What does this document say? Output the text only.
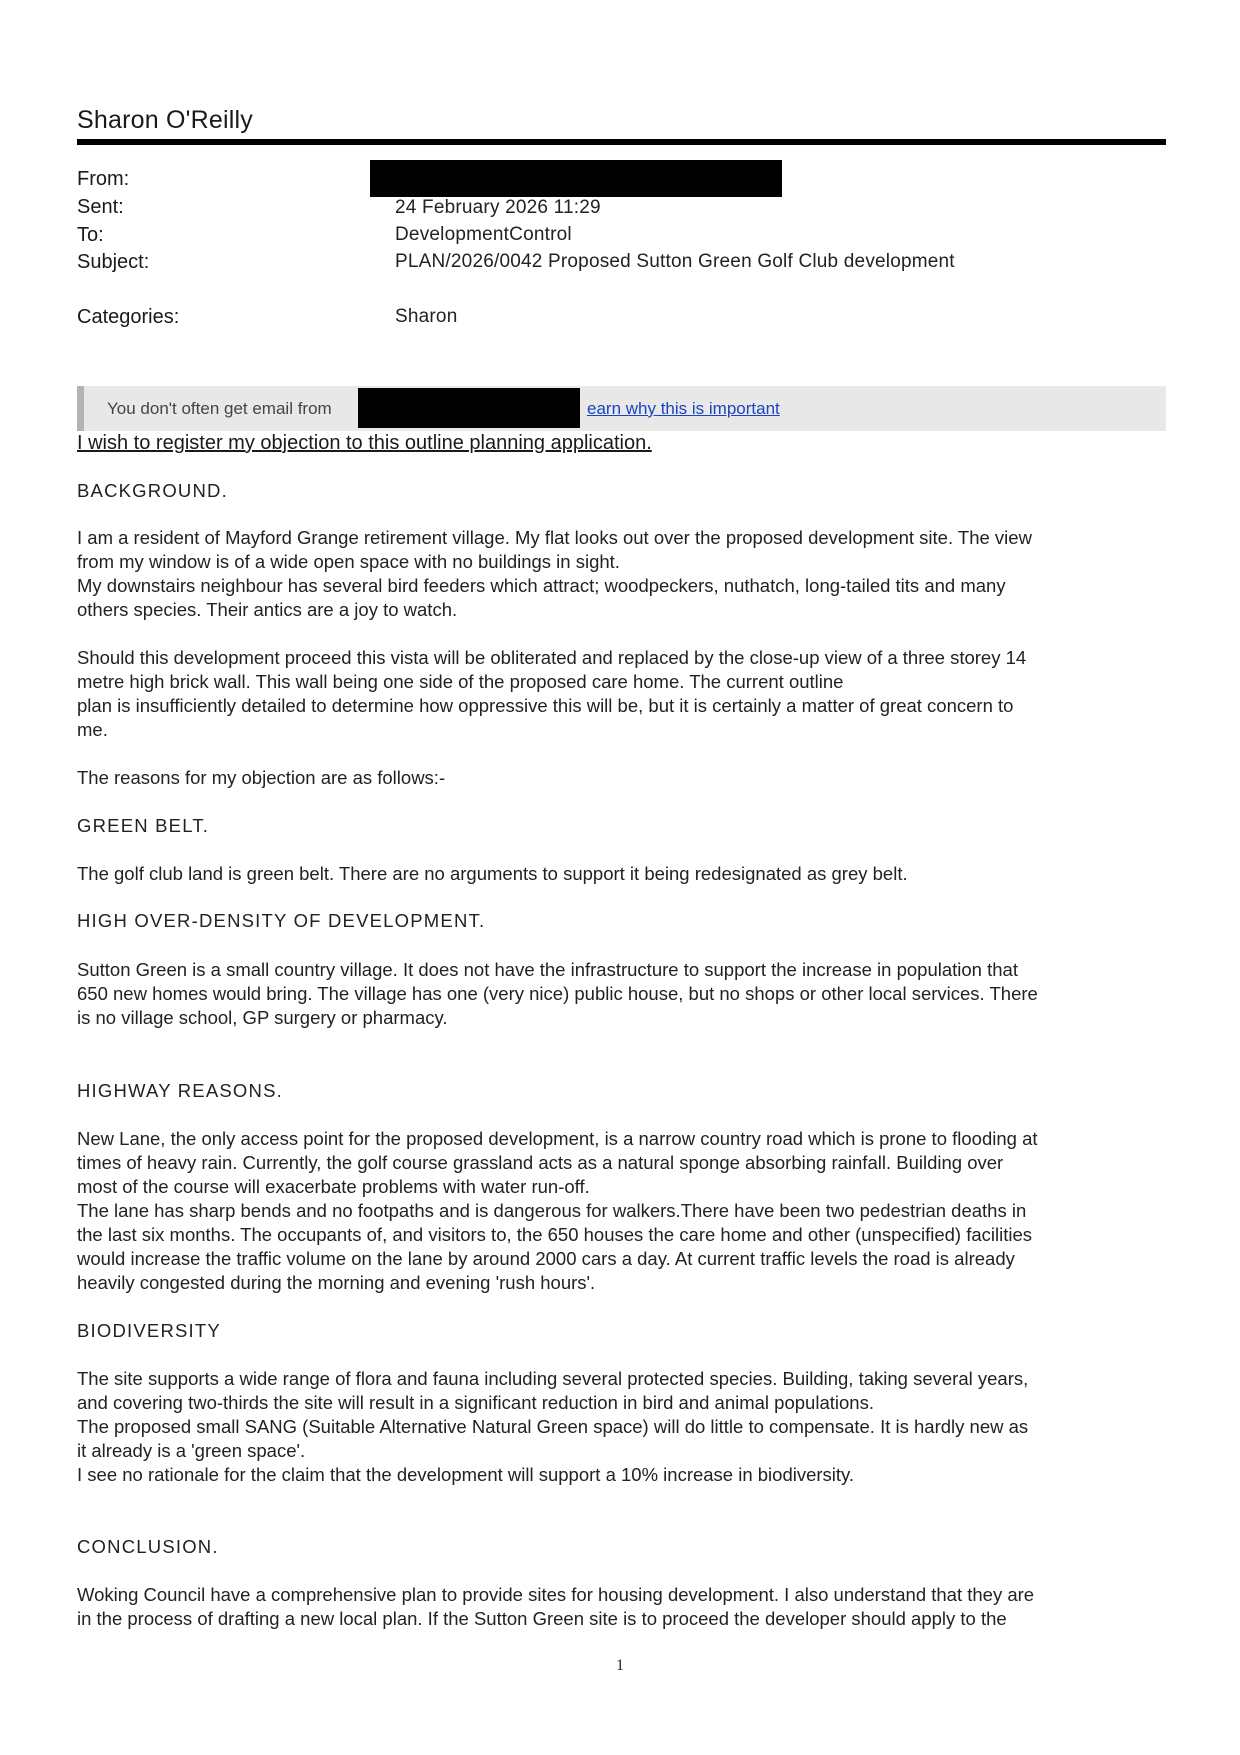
Sharon O'Reilly
From:
Sent:	24 February 2026 11:29
To:	DevelopmentControl
Subject:	PLAN/2026/0042 Proposed Sutton Green Golf Club development
Categories:	Sharon
You don't often get email from	earn why this is important
I wish to register my objection to this outline planning application.
BACKGROUND.
I am a resident of Mayford Grange retirement village. My flat looks out over the proposed development site. The view
from my window is of a wide open space with no buildings in sight.
My downstairs neighbour has several bird feeders which attract; woodpeckers, nuthatch, long-tailed tits and many
others species. Their antics are a joy to watch.
Should this development proceed this vista will be obliterated and replaced by the close-up view of a three storey 14
metre high brick wall. This wall being one side of the proposed care home. The current outline
plan is insufficiently detailed to determine how oppressive this will be, but it is certainly a matter of great concern to
me.
The reasons for my objection are as follows:-
GREEN BELT.
The golf club land is green belt. There are no arguments to support it being redesignated as grey belt.
HIGH OVER-DENSITY OF DEVELOPMENT.
Sutton Green is a small country village. It does not have the infrastructure to support the increase in population that
650 new homes would bring. The village has one (very nice) public house, but no shops or other local services. There
is no village school, GP surgery or pharmacy.
HIGHWAY REASONS.
New Lane, the only access point for the proposed development, is a narrow country road which is prone to flooding at
times of heavy rain. Currently, the golf course grassland acts as a natural sponge absorbing rainfall. Building over
most of the course will exacerbate problems with water run-off.
The lane has sharp bends and no footpaths and is dangerous for walkers.There have been two pedestrian deaths in
the last six months. The occupants of, and visitors to, the 650 houses the care home and other (unspecified) facilities
would increase the traffic volume on the lane by around 2000 cars a day. At current traffic levels the road is already
heavily congested during the morning and evening 'rush hours'.
BIODIVERSITY
The site supports a wide range of flora and fauna including several protected species. Building, taking several years,
and covering two-thirds the site will result in a significant reduction in bird and animal populations.
The proposed small SANG (Suitable Alternative Natural Green space) will do little to compensate. It is hardly new as
it already is a 'green space'.
I see no rationale for the claim that the development will support a 10% increase in biodiversity.
CONCLUSION.
Woking Council have a comprehensive plan to provide sites for housing development. I also understand that they are
in the process of drafting a new local plan. If the Sutton Green site is to proceed the developer should apply to the
1
